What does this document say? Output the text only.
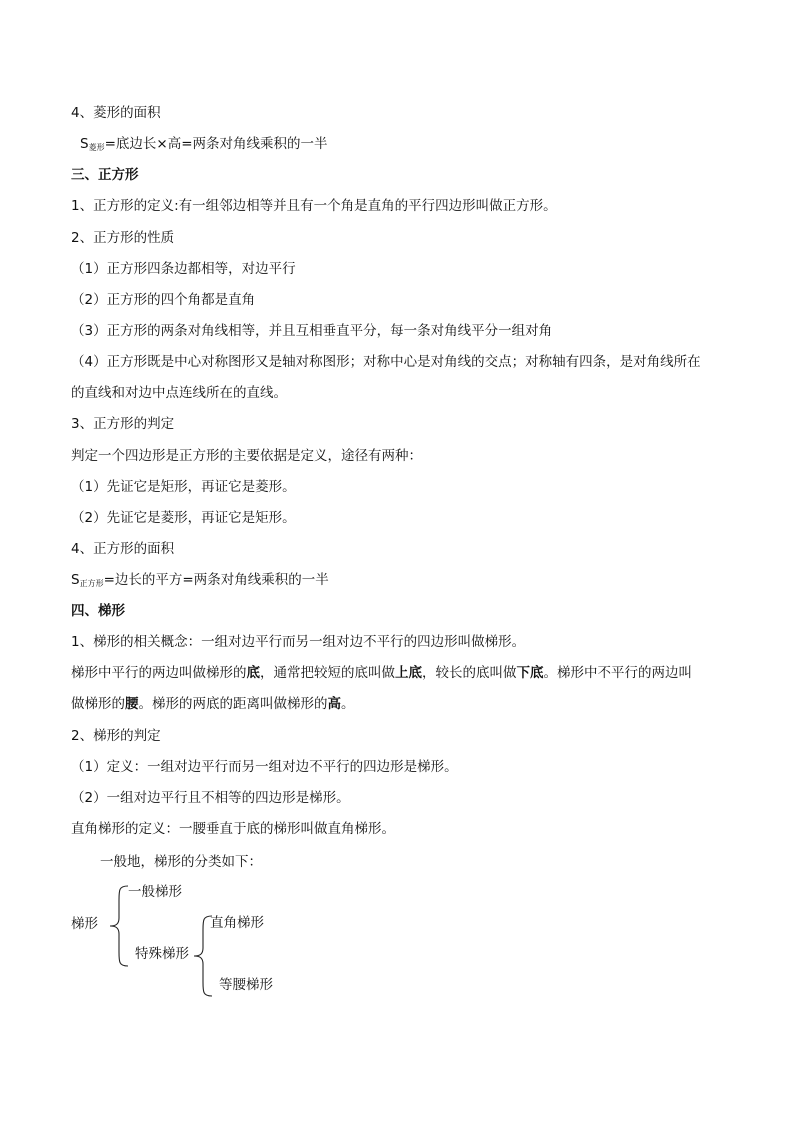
4、菱形的面积
$S_{菱形}=$底边长×高=两条对角线乘积的一半
三、正方形
1、正方形的定义:有一组邻边相等并且有一个角是直角的平行四边形叫做正方形。
2、正方形的性质
（1）正方形四条边都相等，对边平行
（2）正方形的四个角都是直角
（3）正方形的两条对角线相等，并且互相垂直平分，每一条对角线平分一组对角
（4）正方形既是中心对称图形又是轴对称图形；对称中心是对角线的交点；对称轴有四条，是对角线所在
的直线和对边中点连线所在的直线。
3、正方形的判定
判定一个四边形是正方形的主要依据是定义，途径有两种：
（1）先证它是矩形，再证它是菱形。
（2）先证它是菱形，再证它是矩形。
4、正方形的面积
$S_{正方形}=$边长的平方=两条对角线乘积的一半
四、梯形
1、梯形的相关概念：一组对边平行而另一组对边不平行的四边形叫做梯形。
梯形中平行的两边叫做梯形的底，通常把较短的底叫做上底，较长的底叫做下底。梯形中不平行的两边叫
做梯形的腰。梯形的两底的距离叫做梯形的高。
2、梯形的判定
（1）定义：一组对边平行而另一组对边不平行的四边形是梯形。
（2）一组对边平行且不相等的四边形是梯形。
直角梯形的定义：一腰垂直于底的梯形叫做直角梯形。
一般地，梯形的分类如下：
梯形
一般梯形
特殊梯形
直角梯形
等腰梯形
